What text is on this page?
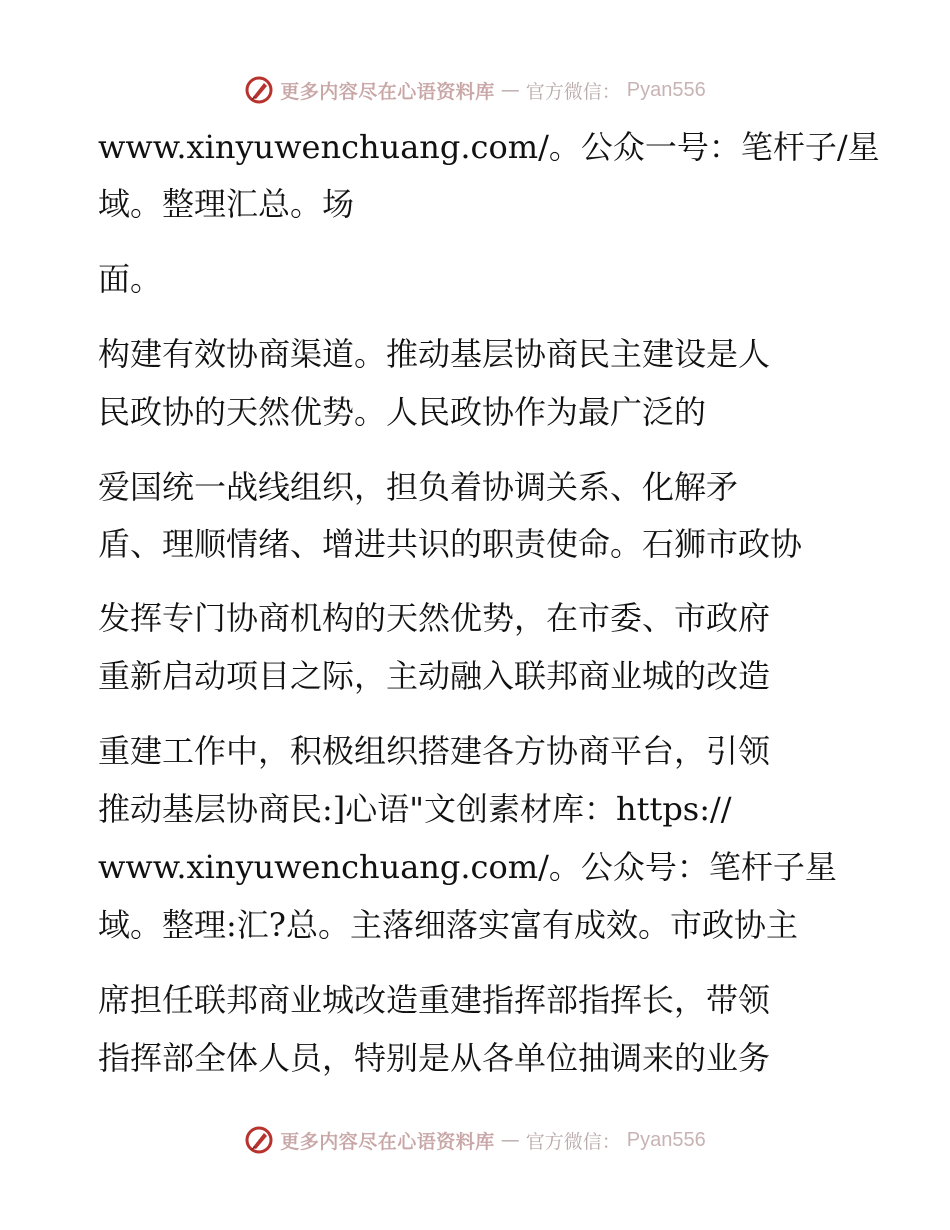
更多内容尽在心语资料库 — 官方微信： Pyan556
www.xinyuwenchuang.com/。公众一号：笔杆子/星
域。整理汇总。场
面。
构建有效协商渠道。推动基层协商民主建设是人
民政协的天然优势。人民政协作为最广泛的
爱国统一战线组织，担负着协调关系、化解矛
盾、理顺情绪、增进共识的职责使命。石狮市政协
发挥专门协商机构的天然优势，在市委、市政府
重新启动项目之际，主动融入联邦商业城的改造
重建工作中，积极组织搭建各方协商平台，引领
推动基层协商民:]心语"文创素材库：https://
www.xinyuwenchuang.com/。公众号：笔杆子星
域。整理:汇?总。主落细落实富有成效。市政协主
席担任联邦商业城改造重建指挥部指挥长，带领
指挥部全体人员，特别是从各单位抽调来的业务
更多内容尽在心语资料库 — 官方微信： Pyan556
